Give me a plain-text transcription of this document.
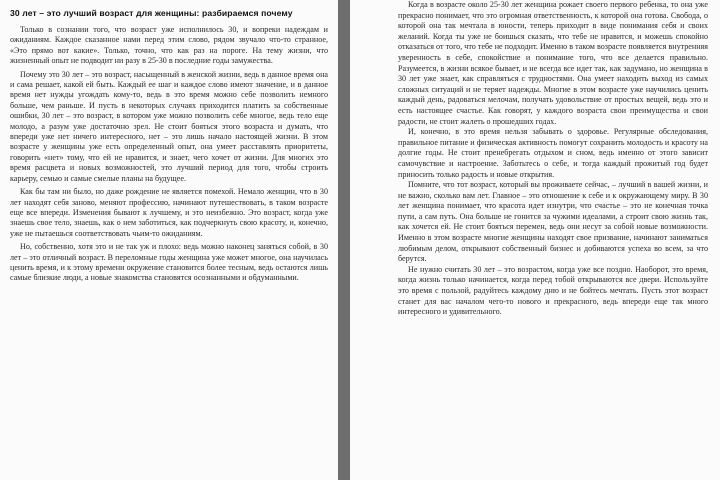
30 лет – это лучший возраст для женщины: разбираемся почему

Только в сознании того, что возраст уже исполнилось 30, и вопреки надеждам и ожиданиям. Каждое сказанное нами перед этим слово, рядом звучало что-то странное, «Это прямо вот какие». Только, точно, что как раз на пороге. На тему жизни, что жизненный опыт не подводит ни разу в 25-30 в последние годы замужества.

Почему это 30 лет – это возраст, насыщенный в женской жизни, ведь в данное время она и сама решает, какой ей быть. Каждый ее шаг и каждое слово имеют значение, и в данное время нет нужды угождать кому-то, ведь в это время можно себе позволить немного больше, чем раньше. И пусть в некоторых случаях приходится платить за собственные ошибки, 30 лет – это возраст, в котором уже можно позволить себе многое, ведь тело еще молодо, а разум уже достаточно зрел. Не стоит бояться этого возраста и думать, что впереди уже нет ничего интересного, нет – это лишь начало настоящей жизни. В этом возрасте у женщины уже есть определенный опыт, она умеет расставлять приоритеты, говорить «нет» тому, что ей не нравится, и знает, чего хочет от жизни. Для многих это время расцвета и новых возможностей, это лучший период для того, чтобы строить карьеру, семью и самые смелые планы на будущее.

Как бы там ни было, но даже рождение не является помехой. Немало женщин, что в 30 лет находят себя заново, меняют профессию, начинают путешествовать, в таком возрасте еще все впереди. Изменения бывают к лучшему, и это неизбежно. Это возраст, когда уже знаешь свое тело, знаешь, как о нем заботиться, как подчеркнуть свою красоту, и, конечно, уже не пытаешься соответствовать чьим-то ожиданиям.

Но, собственно, хотя это и не так уж и плохо: ведь можно наконец заняться собой, в 30 лет – это отличный возраст. В переломные годы женщина уже может многое, она научилась ценить время, и к этому времени окружение становится более тесным, ведь остаются лишь самые близкие люди, а новые знакомства становятся осознанными и обдуманными.

Когда в возрасте около 25-30 лет женщина рожает своего первого ребенка, то она уже прекрасно понимает, что это огромная ответственность, к которой она готова. Свобода, о которой она так мечтала в юности, теперь приходит в виде понимания себя и своих желаний. Когда ты уже не боишься сказать, что тебе не нравится, и можешь спокойно отказаться от того, что тебе не подходит. Именно в таком возрасте появляется внутренняя уверенность в себе, спокойствие и понимание того, что все делается правильно. Разумеется, в жизни всякое бывает, и не всегда все идет так, как задумано, но женщина в 30 лет уже знает, как справляться с трудностями. Она умеет находить выход из самых сложных ситуаций и не теряет надежды. Многие в этом возрасте уже научились ценить каждый день, радоваться мелочам, получать удовольствие от простых вещей, ведь это и есть настоящее счастье. Как говорят, у каждого возраста свои преимущества и свои радости, не стоит жалеть о прошедших годах.

И, конечно, в это время нельзя забывать о здоровье. Регулярные обследования, правильное питание и физическая активность помогут сохранить молодость и красоту на долгие годы. Не стоит пренебрегать отдыхом и сном, ведь именно от этого зависит самочувствие и настроение. Заботьтесь о себе, и тогда каждый прожитый год будет приносить только радость и новые открытия.

Помните, что тот возраст, который вы проживаете сейчас, – лучший в вашей жизни, и не важно, сколько вам лет. Главное – это отношение к себе и к окружающему миру. В 30 лет женщина понимает, что красота идет изнутри, что счастье – это не конечная точка пути, а сам путь. Она больше не гонится за чужими идеалами, а строит свою жизнь так, как хочется ей. Не стоит бояться перемен, ведь они несут за собой новые возможности. Именно в этом возрасте многие женщины находят свое призвание, начинают заниматься любимым делом, открывают собственный бизнес и добиваются успеха во всем, за что берутся.

Не нужно считать 30 лет – это возрастом, когда уже все поздно. Наоборот, это время, когда жизнь только начинается, когда перед тобой открываются все двери. Используйте это время с пользой, радуйтесь каждому дню и не бойтесь мечтать. Пусть этот возраст станет для вас началом чего-то нового и прекрасного, ведь впереди еще так много интересного и удивительного.
